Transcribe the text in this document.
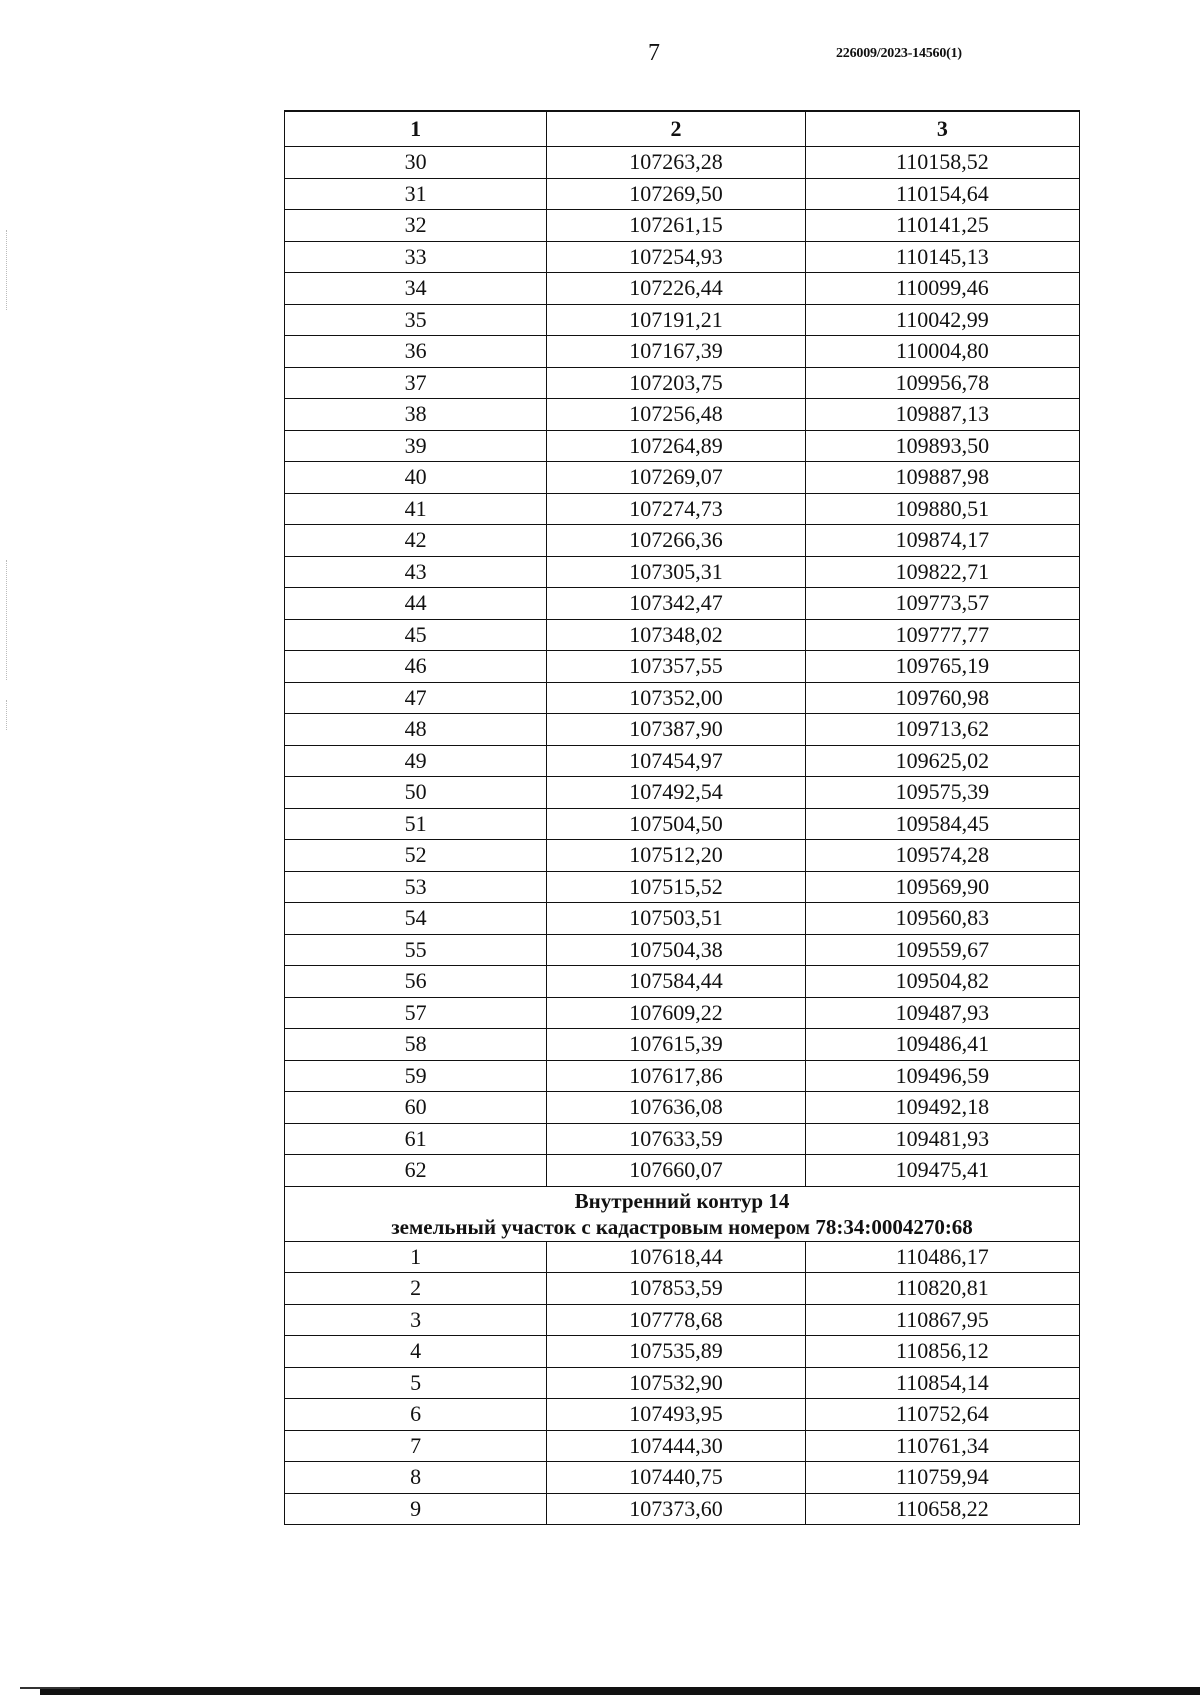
7	226009/2023-14560(1)
1	2	3
30	107263,28	110158,52
31	107269,50	110154,64
32	107261,15	110141,25
33	107254,93	110145,13
34	107226,44	110099,46
35	107191,21	110042,99
36	107167,39	110004,80
37	107203,75	109956,78
38	107256,48	109887,13
39	107264,89	109893,50
40	107269,07	109887,98
41	107274,73	109880,51
42	107266,36	109874,17
43	107305,31	109822,71
44	107342,47	109773,57
45	107348,02	109777,77
46	107357,55	109765,19
47	107352,00	109760,98
48	107387,90	109713,62
49	107454,97	109625,02
50	107492,54	109575,39
51	107504,50	109584,45
52	107512,20	109574,28
53	107515,52	109569,90
54	107503,51	109560,83
55	107504,38	109559,67
56	107584,44	109504,82
57	107609,22	109487,93
58	107615,39	109486,41
59	107617,86	109496,59
60	107636,08	109492,18
61	107633,59	109481,93
62	107660,07	109475,41

Внутренний контур 14
земельный участок с кадастровым номером 78:34:0004270:68		

1	107618,44	110486,17
2	107853,59	110820,81
3	107778,68	110867,95
4	107535,89	110856,12
5	107532,90	110854,14
6	107493,95	110752,64
7	107444,30	110761,34
8	107440,75	110759,94
9	107373,60	110658,22
